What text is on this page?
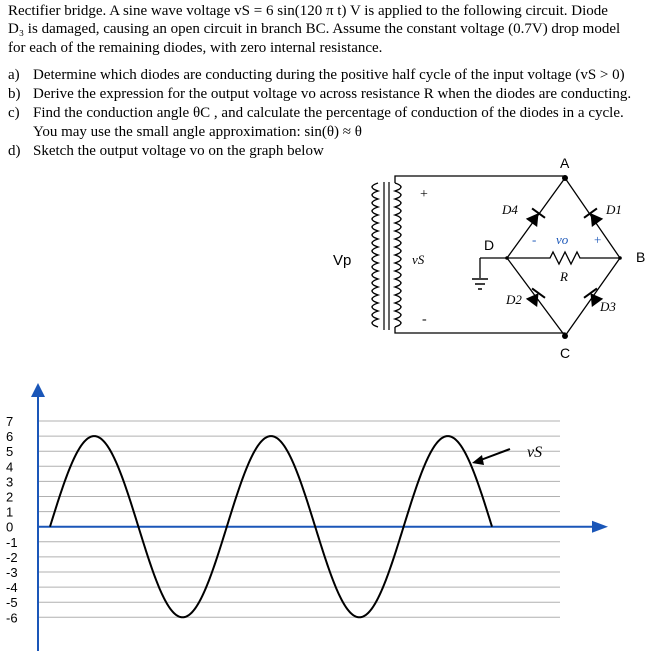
Rectifier bridge. A sine wave voltage vS = 6 sin(120 π t) V is applied to the following circuit. Diode
D₃ is damaged, causing an open circuit in branch BC. Assume the constant voltage (0.7V) drop model
for each of the remaining diodes, with zero internal resistance.
a) Determine which diodes are conducting during the positive half cycle of the input voltage (vS > 0)
b) Derive the expression for the output voltage vo across resistance R when the diodes are conducting.
c) Find the conduction angle θC , and calculate the percentage of conduction of the diodes in a cycle.
You may use the small angle approximation: sin(θ) ≈ θ
d) Sketch the output voltage vo on the graph below
A
B
C
D
Vp	vS
+
-
D1
D2	D3
D4
- vo +
R
7
6
5
4
3
2
1
0
-1
-2
-3
-4
-5
-6
vS
